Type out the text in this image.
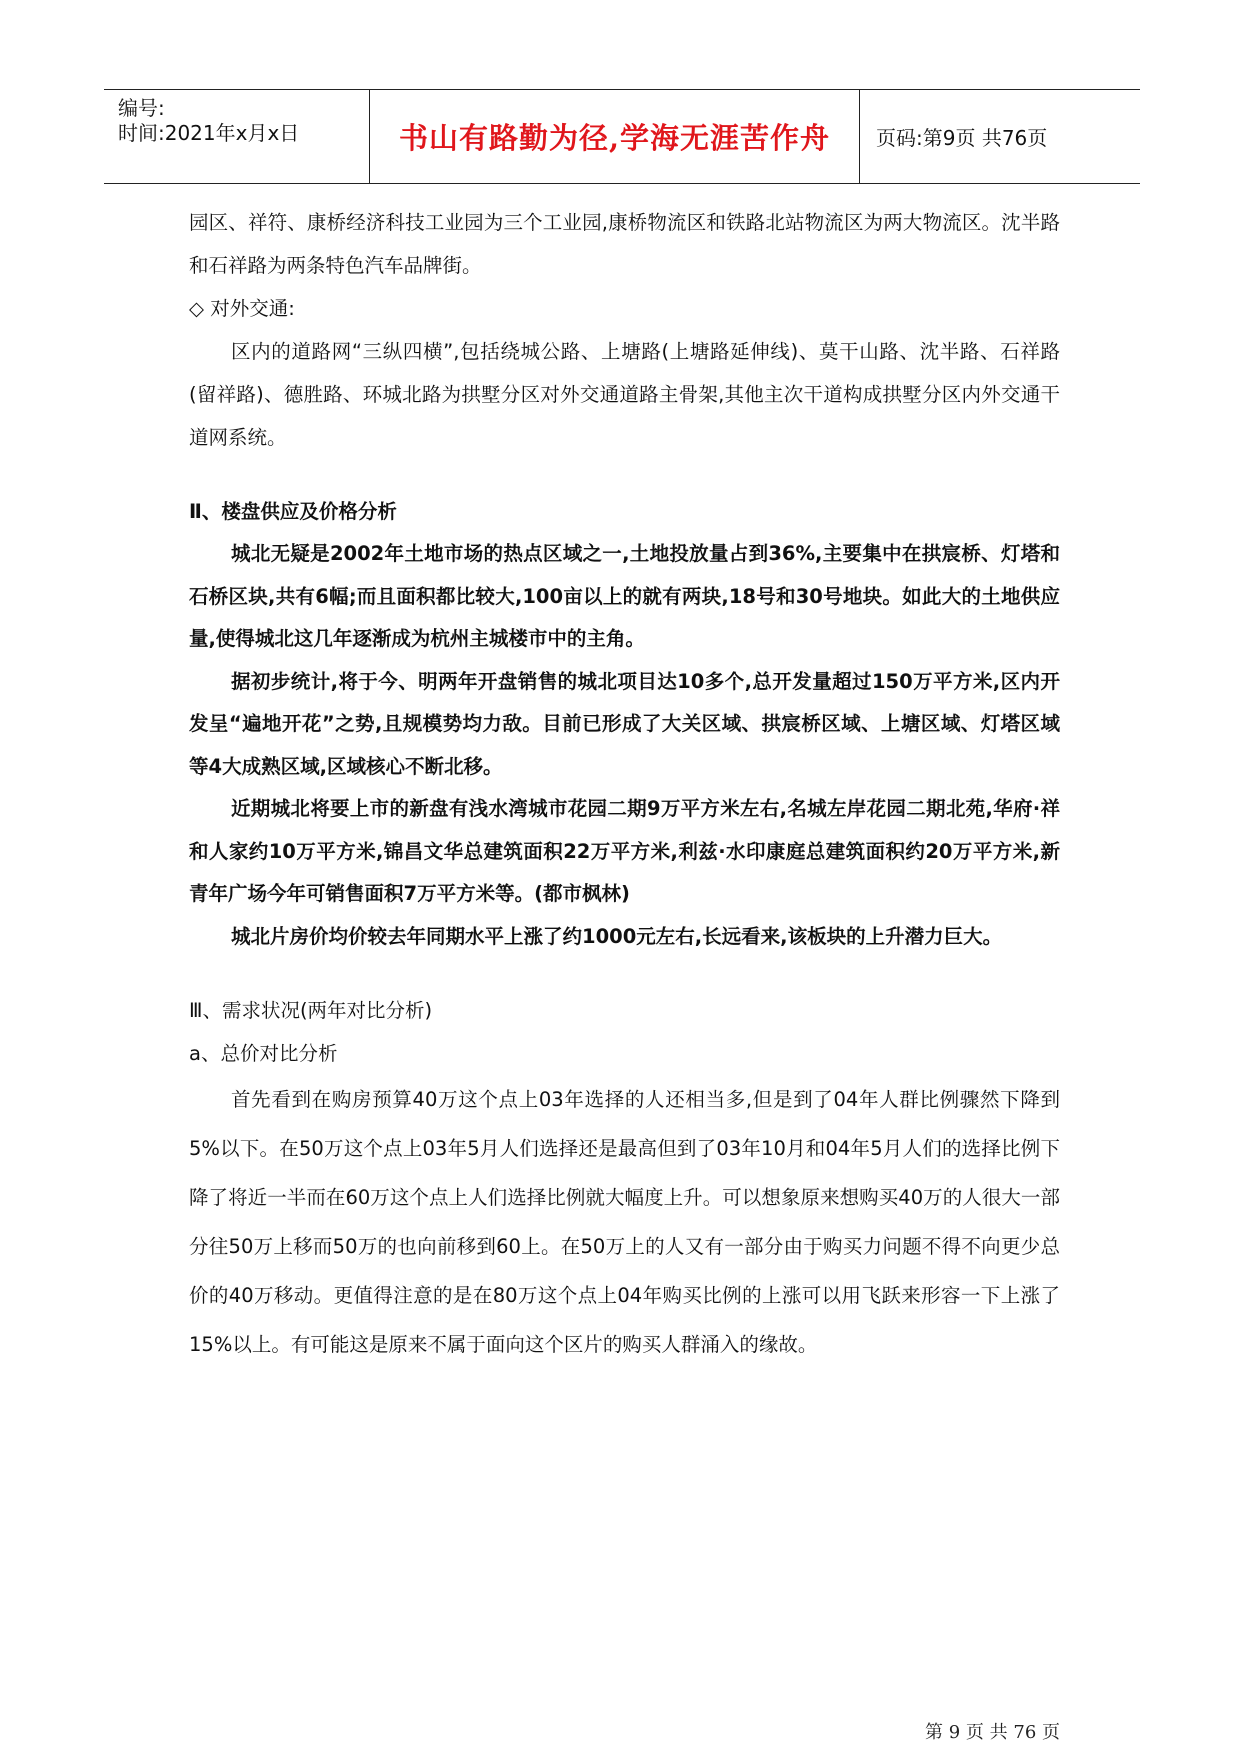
编号:
时间:2021年x月x日	书山有路勤为径,学海无涯苦作舟 页码:第9页 共76页

园区、祥符、康桥经济科技工业园为三个工业园,康桥物流区和铁路北站物流区为两大物流区。沈半路和石祥路为两条特色汽车品牌街。

◇ 对外交通:

区内的道路网“三纵四横”,包括绕城公路、上塘路(上塘路延伸线)、莫干山路、沈半路、石祥路(留祥路)、德胜路、环城北路为拱墅分区对外交通道路主骨架,其他主次干道构成拱墅分区内外交通干道网系统。

Ⅱ、楼盘供应及价格分析

城北无疑是2002年土地市场的热点区域之一,土地投放量占到36%,主要集中在拱宸桥、灯塔和石桥区块,共有6幅;而且面积都比较大,100亩以上的就有两块,18号和30号地块。如此大的土地供应量,使得城北这几年逐渐成为杭州主城楼市中的主角。

据初步统计,将于今、明两年开盘销售的城北项目达10多个,总开发量超过150万平方米,区内开发呈“遍地开花”之势,且规模势均力敌。目前已形成了大关区域、拱宸桥区域、上塘区域、灯塔区域等4大成熟区域,区域核心不断北移。

近期城北将要上市的新盘有浅水湾城市花园二期9万平方米左右,名城左岸花园二期北苑,华府·祥和人家约10万平方米,锦昌文华总建筑面积22万平方米,利兹·水印康庭总建筑面积约20万平方米,新青年广场今年可销售面积7万平方米等。(都市枫林)

城北片房价均价较去年同期水平上涨了约1000元左右,长远看来,该板块的上升潜力巨大。

Ⅲ、需求状况(两年对比分析)

a、总价对比分析

首先看到在购房预算40万这个点上03年选择的人还相当多,但是到了04年人群比例骤然下降到5%以下。在50万这个点上03年5月人们选择还是最高但到了03年10月和04年5月人们的选择比例下降了将近一半而在60万这个点上人们选择比例就大幅度上升。可以想象原来想购买40万的人很大一部分往50万上移而50万的也向前移到60上。在50万上的人又有一部分由于购买力问题不得不向更少总价的40万移动。更值得注意的是在80万这个点上04年购买比例的上涨可以用飞跃来形容一下上涨了15%以上。有可能这是原来不属于面向这个区片的购买人群涌入的缘故。

第 9 页 共 76 页
